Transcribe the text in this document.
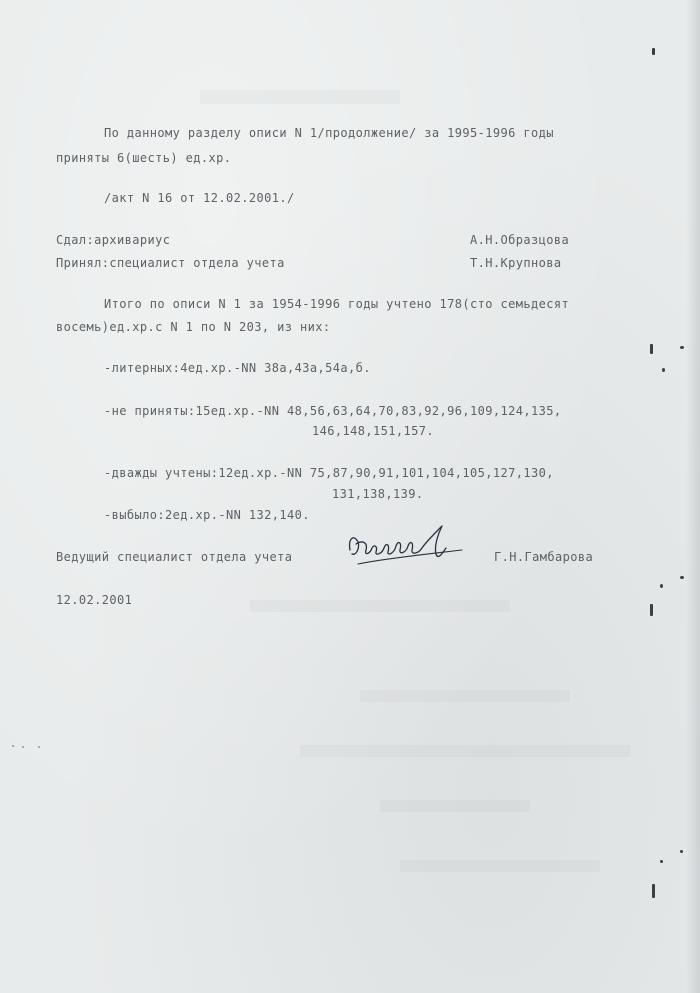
По данному разделу описи N 1/продолжение/ за 1995-1996 годы
приняты 6(шесть) ед.хр.
/акт N 16 от 12.02.2001./
Сдал:архивариус	А.Н.Образцова
Принял:специалист отдела учета	Т.Н.Крупнова
Итого по описи N 1 за 1954-1996 годы учтено 178(сто семьдесят
восемь)ед.хр.с N 1 по N 203, из них:
-литерных:4ед.хр.-NN 38а,43а,54а,б.
-не приняты:15ед.хр.-NN 48,56,63,64,70,83,92,96,109,124,135,
146,148,151,157.
-дважды учтены:12ед.хр.-NN 75,87,90,91,101,104,105,127,130,
131,138,139.
-выбыло:2ед.хр.-NN 132,140.
Ведущий специалист отдела учета	Г.Н.Гамбарова
12.02.2001
